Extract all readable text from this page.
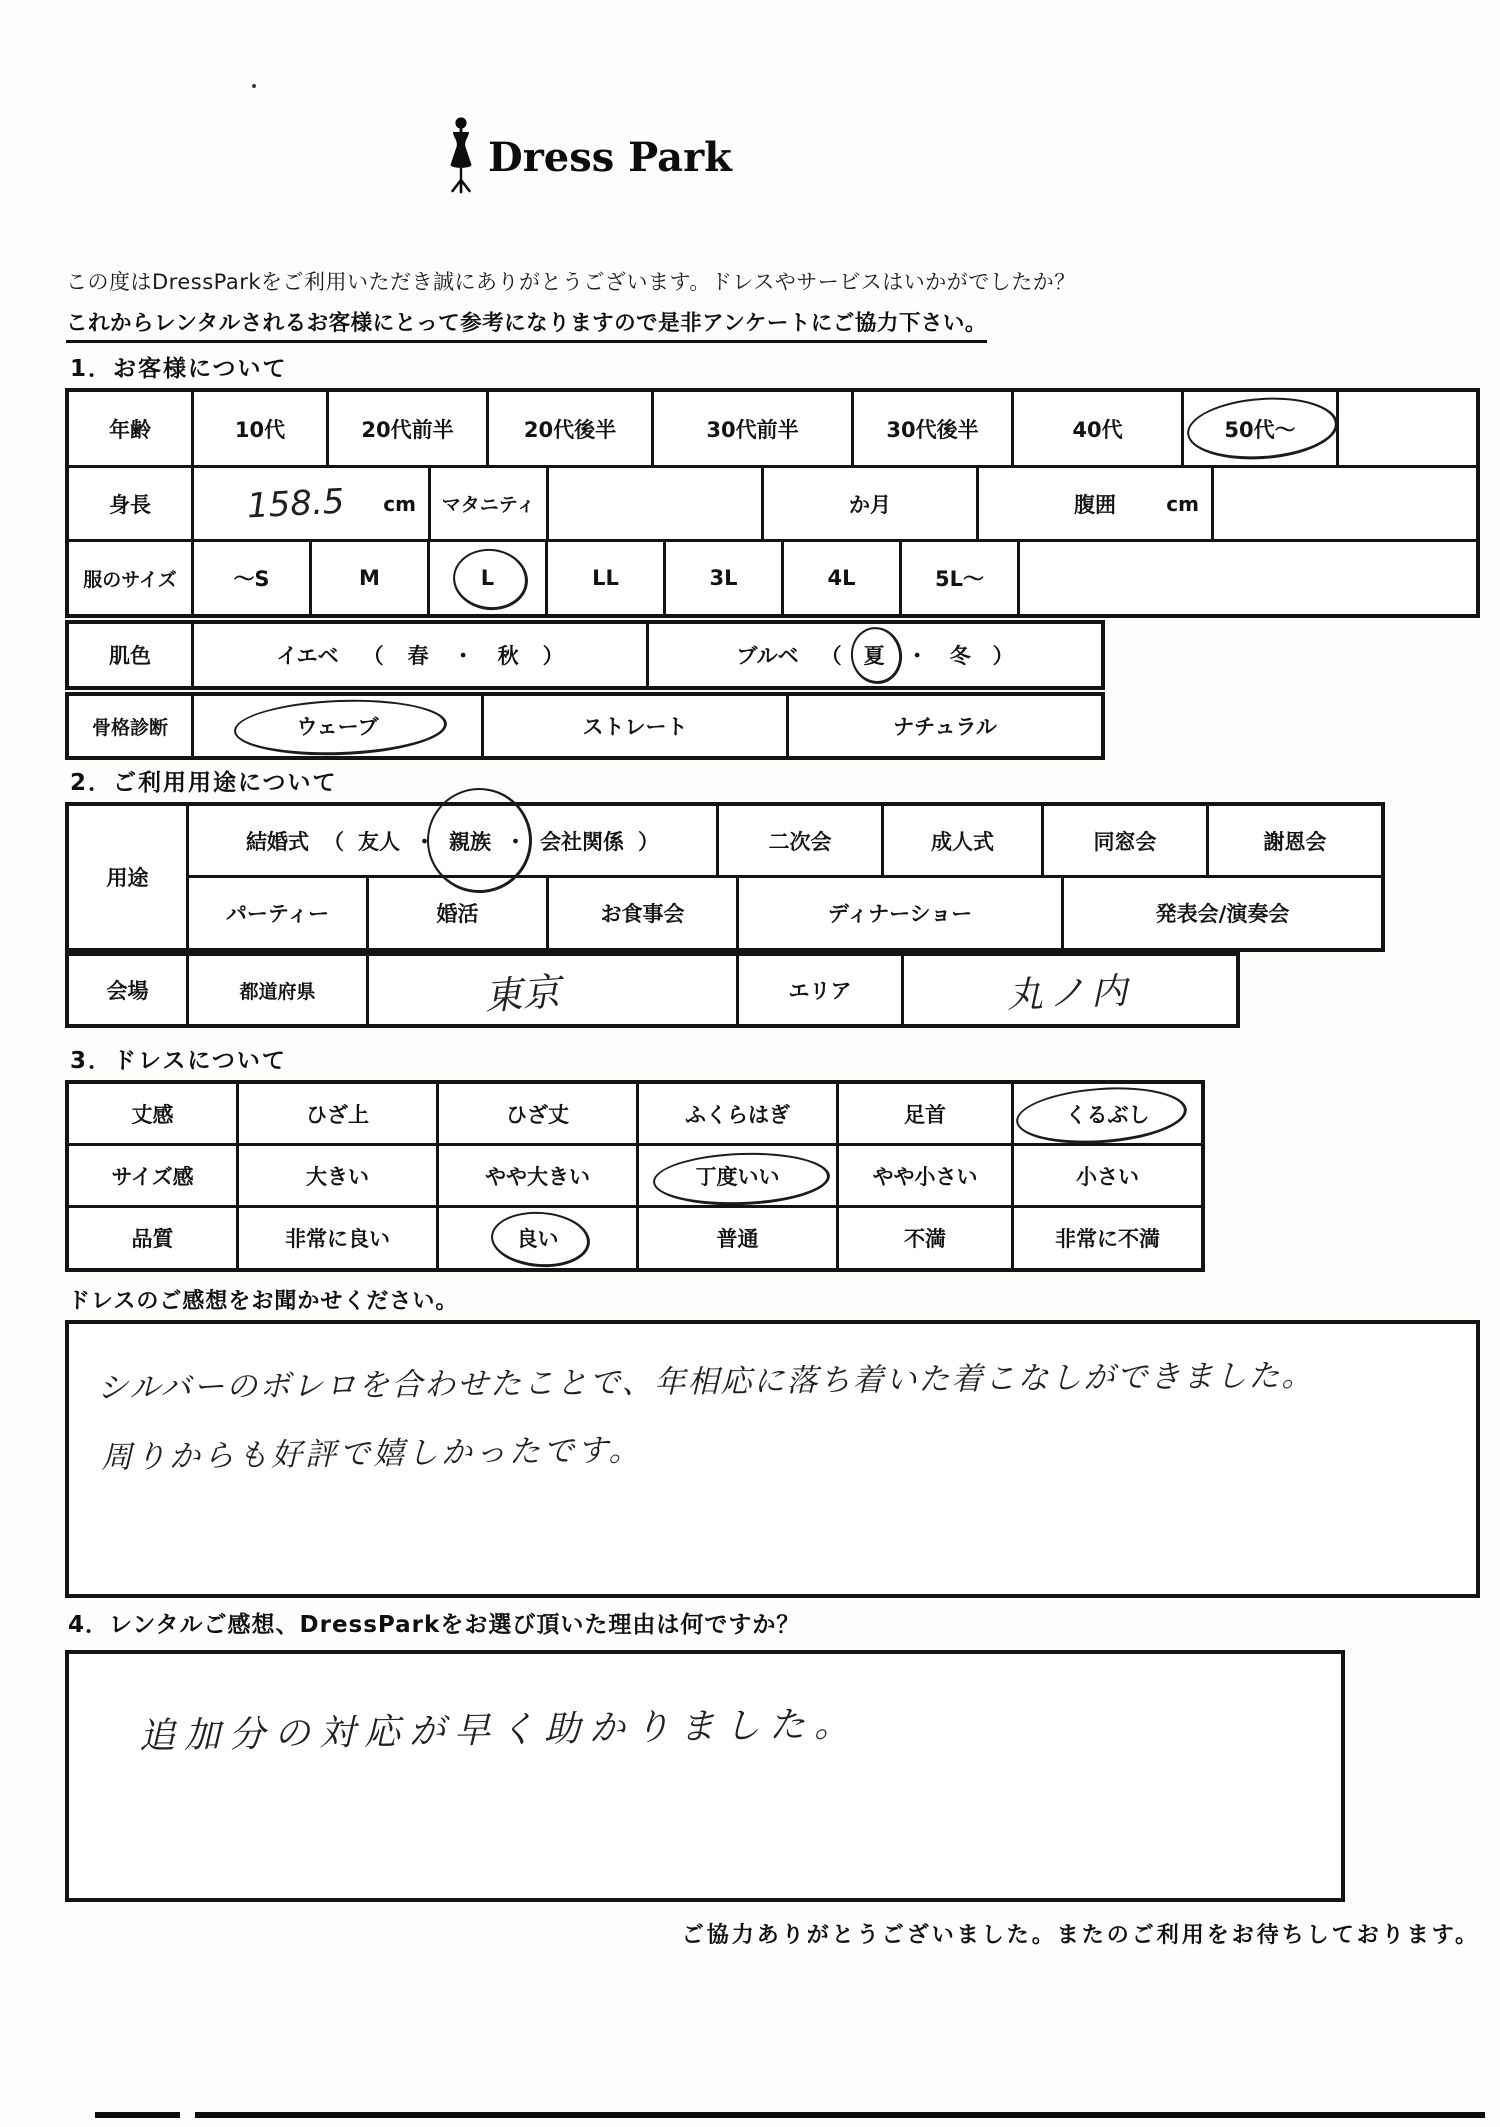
Dress Park
この度はDressParkをご利用いただき誠にありがとうございます。ドレスやサービスはいかがでしたか？
これからレンタルされるお客様にとって参考になりますので是非アンケートにご協力下さい。
1．お客様について
年齢	10代	20代前半	20代後半	30代前半	30代後半	40代	50代～
身長	158.5 cm マタニティ	か月	腹囲	cm
服のサイズ	～S	M	L	LL	3L	4L	5L～
肌色	イエベ （ 春 ・ 秋 ）	ブルベ （ 夏 ・ 冬 ）
骨格診断	ウェーブ	ストレート	ナチュラル
2．ご利用用途について
用途
結婚式 （ 友人 ・ 親族 ・ 会社関係 ）	二次会	成人式	同窓会	謝恩会
パーティー	婚活	お食事会	ディナーショー	発表会/演奏会
会場	都道府県	東京	エリア	丸ノ内
3．ドレスについて
丈感	ひざ上	ひざ丈	ふくらはぎ	足首	くるぶし
サイズ感	大きい	やや大きい	丁度いい	やや小さい	小さい
品質	非常に良い	良い	普通	不満	非常に不満
ドレスのご感想をお聞かせください。
シルバーのボレロを合わせたことで、年相応に落ち着いた着こなしができました。
周りからも好評で嬉しかったです。
4．レンタルご感想、DressParkをお選び頂いた理由は何ですか？
追加分の対応が早く助かりました。
ご協力ありがとうございました。またのご利用をお待ちしております。
